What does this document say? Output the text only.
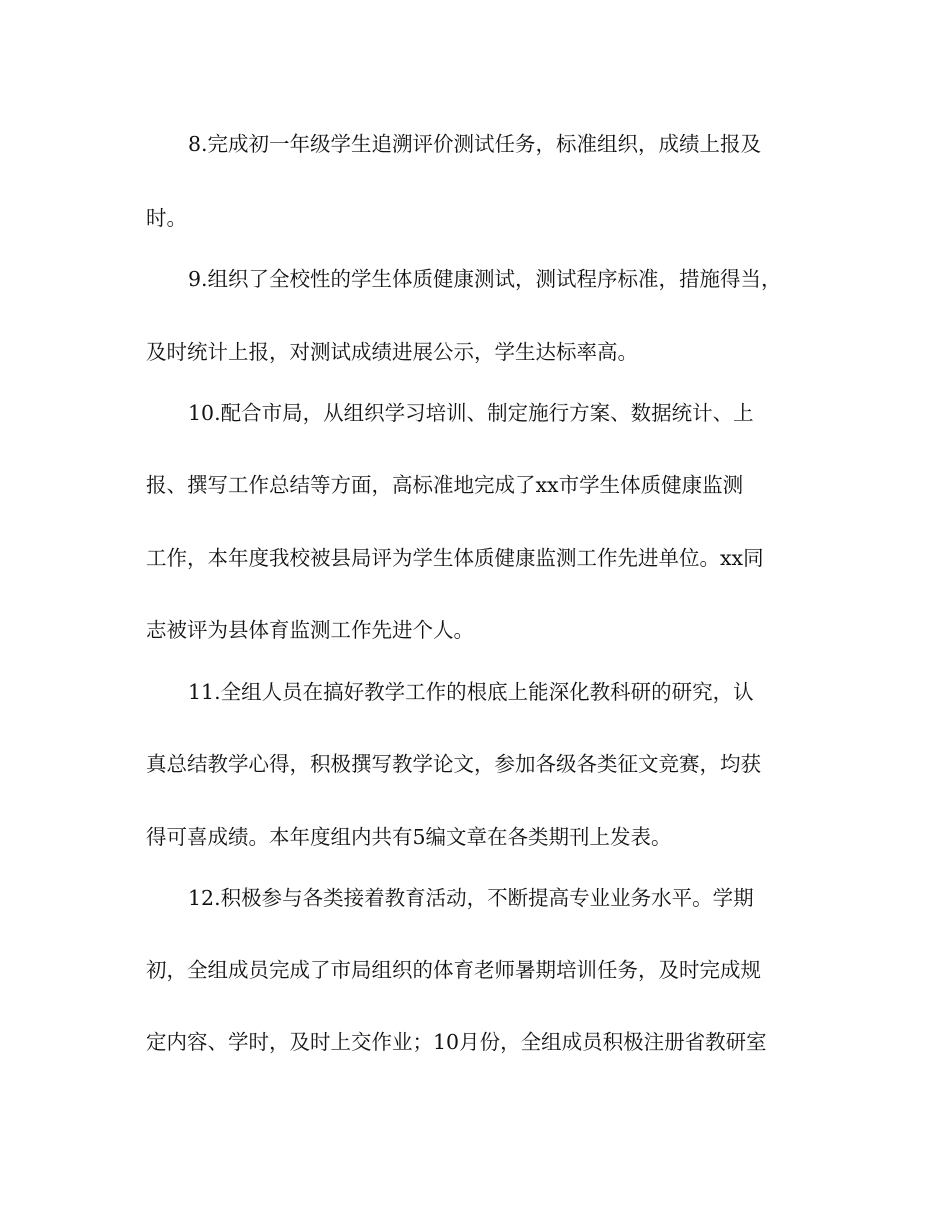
8.完成初一年级学生追溯评价测试任务，标准组织，成绩上报及

时。

9.组织了全校性的学生体质健康测试，测试程序标准，措施得当，

及时统计上报，对测试成绩进展公示，学生达标率高。

10.配合市局，从组织学习培训、制定施行方案、数据统计、上

报、撰写工作总结等方面，高标准地完成了xx市学生体质健康监测

工作，本年度我校被县局评为学生体质健康监测工作先进单位。xx同

志被评为县体育监测工作先进个人。

11.全组人员在搞好教学工作的根底上能深化教科研的研究，认

真总结教学心得，积极撰写教学论文，参加各级各类征文竞赛，均获

得可喜成绩。本年度组内共有5编文章在各类期刊上发表。

12.积极参与各类接着教育活动，不断提高专业业务水平。学期

初，全组成员完成了市局组织的体育老师暑期培训任务，及时完成规

定内容、学时，及时上交作业；10月份，全组成员积极注册省教研室
